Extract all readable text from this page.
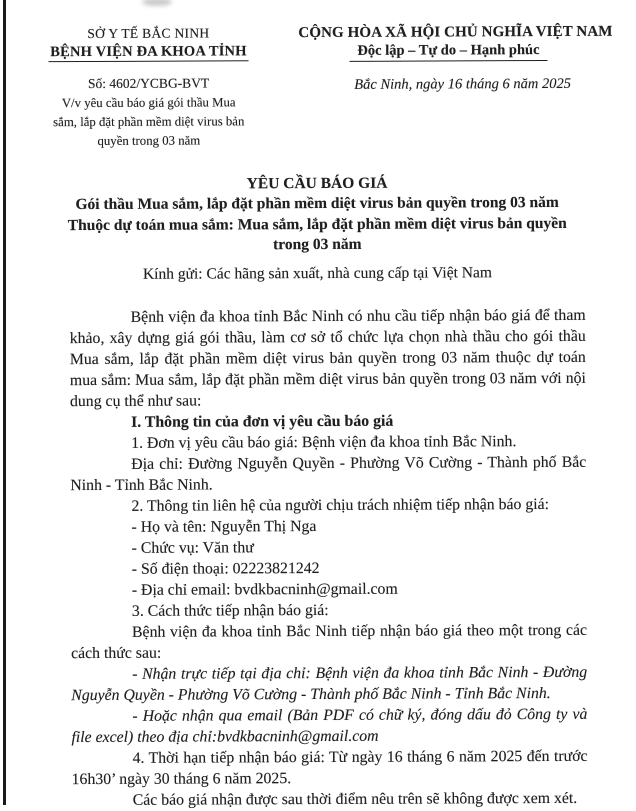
SỞ Y TẾ BẮC NINH
BỆNH VIỆN ĐA KHOA TỈNH
Số: 4602/YCBG-BVT
V/v yêu cầu báo giá gói thầu Mua
sắm, lắp đặt phần mềm diệt virus bản
quyền trong 03 năm
CỘNG HÒA XÃ HỘI CHỦ NGHĨA VIỆT NAM
Độc lập – Tự do – Hạnh phúc
Bắc Ninh, ngày 16 tháng 6 năm 2025
YÊU CẦU BÁO GIÁ
Gói thầu Mua sắm, lắp đặt phần mềm diệt virus bản quyền trong 03 năm
Thuộc dự toán mua sắm: Mua sắm, lắp đặt phần mềm diệt virus bản quyền
trong 03 năm
Kính gửi: Các hãng sản xuất, nhà cung cấp tại Việt Nam

Bệnh viện đa khoa tỉnh Bắc Ninh có nhu cầu tiếp nhận báo giá để tham khảo, xây dựng giá gói thầu, làm cơ sở tổ chức lựa chọn nhà thầu cho gói thầu Mua sắm, lắp đặt phần mềm diệt virus bản quyền trong 03 năm thuộc dự toán mua sắm: Mua sắm, lắp đặt phần mềm diệt virus bản quyền trong 03 năm với nội dung cụ thể như sau:

I. Thông tin của đơn vị yêu cầu báo giá

1. Đơn vị yêu cầu báo giá: Bệnh viện đa khoa tỉnh Bắc Ninh.

Địa chỉ: Đường Nguyễn Quyền - Phường Võ Cường - Thành phố Bắc Ninh - Tỉnh Bắc Ninh.

2. Thông tin liên hệ của người chịu trách nhiệm tiếp nhận báo giá:

- Họ và tên: Nguyễn Thị Nga

- Chức vụ: Văn thư

- Số điện thoại: 02223821242

- Địa chỉ email: bvdkbacninh@gmail.com

3. Cách thức tiếp nhận báo giá:

Bệnh viện đa khoa tỉnh Bắc Ninh tiếp nhận báo giá theo một trong các cách thức sau:

- Nhận trực tiếp tại địa chỉ: Bệnh viện đa khoa tỉnh Bắc Ninh - Đường Nguyễn Quyền - Phường Võ Cường - Thành phố Bắc Ninh - Tỉnh Bắc Ninh.

- Hoặc nhận qua email (Bản PDF có chữ ký, đóng dấu đỏ Công ty và file excel) theo địa chỉ:bvdkbacninh@gmail.com

4. Thời hạn tiếp nhận báo giá: Từ ngày 16 tháng 6 năm 2025 đến trước 16h30’ ngày 30 tháng 6 năm 2025.

Các báo giá nhận được sau thời điểm nêu trên sẽ không được xem xét.
